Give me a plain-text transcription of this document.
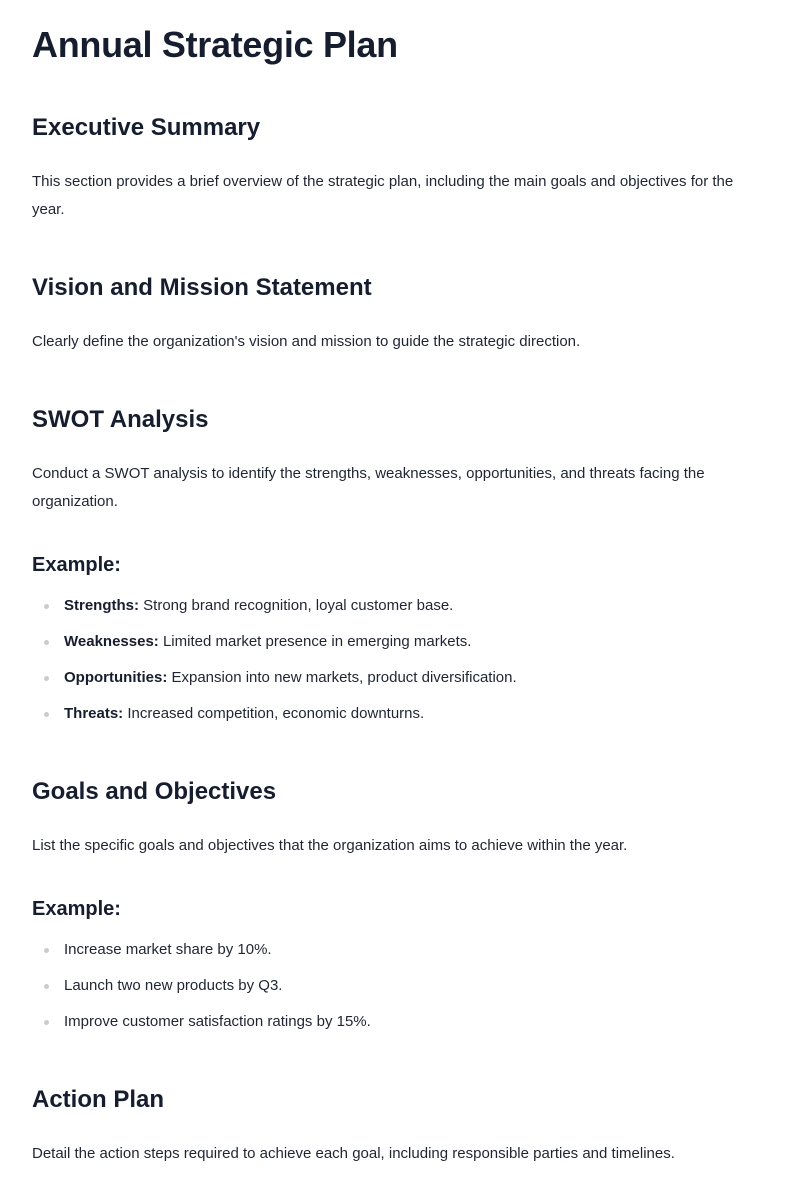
Annual Strategic Plan
Executive Summary

This section provides a brief overview of the strategic plan, including the main goals and objectives for the year.

Vision and Mission Statement

Clearly define the organization's vision and mission to guide the strategic direction.

SWOT Analysis

Conduct a SWOT analysis to identify the strengths, weaknesses, opportunities, and threats facing the organization.

Example:
Strengths: Strong brand recognition, loyal customer base.
Weaknesses: Limited market presence in emerging markets.
Opportunities: Expansion into new markets, product diversification.
Threats: Increased competition, economic downturns.
Goals and Objectives

List the specific goals and objectives that the organization aims to achieve within the year.

Example:
Increase market share by 10%.
Launch two new products by Q3.
Improve customer satisfaction ratings by 15%.
Action Plan

Detail the action steps required to achieve each goal, including responsible parties and timelines.
